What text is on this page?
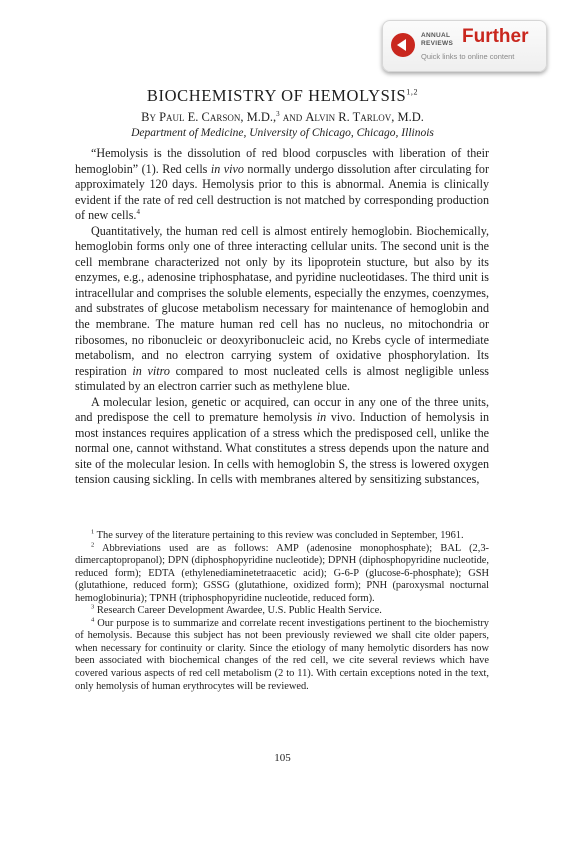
ANNUAL
REVIEWS Further
Quick links to online content
BIOCHEMISTRY OF HEMOLYSIS$^{1,2}$
By Paul E. Carson, M.D.,$^3$ and Alvin R. Tarlov, M.D.
Department of Medicine, University of Chicago, Chicago, Illinois

“Hemolysis is the dissolution of red blood corpuscles with liberation of their hemoglobin” (1). Red cells in vivo normally undergo dissolution after circulating for approximately 120 days. Hemolysis prior to this is abnormal. Anemia is clinically evident if the rate of red cell destruction is not matched by corresponding production of new cells.$^4$

Quantitatively, the human red cell is almost entirely hemoglobin. Biochemically, hemoglobin forms only one of three interacting cellular units. The second unit is the cell membrane characterized not only by its lipoprotein stucture, but also by its enzymes, e.g., adenosine triphosphatase, and pyridine nucleotidases. The third unit is intracellular and comprises the soluble elements, especially the enzymes, coenzymes, and substrates of glucose metabolism necessary for maintenance of hemoglobin and the membrane. The mature human red cell has no nucleus, no mitochondria or ribosomes, no ribonucleic or deoxyribonucleic acid, no Krebs cycle of intermediate metabolism, and no electron carrying system of oxidative phosphorylation. Its respiration in vitro compared to most nucleated cells is almost negligible unless stimulated by an electron carrier such as methylene blue.

A molecular lesion, genetic or acquired, can occur in any one of the three units, and predispose the cell to premature hemolysis in vivo. Induction of hemolysis in most instances requires application of a stress which the predisposed cell, unlike the normal one, cannot withstand. What constitutes a stress depends upon the nature and site of the molecular lesion. In cells with hemoglobin S, the stress is lowered oxygen tension causing sickling. In cells with membranes altered by sensitizing substances,

$^1$ The survey of the literature pertaining to this review was concluded in September, 1961.

$^2$ Abbreviations used are as follows: AMP (adenosine monophosphate); BAL (2,3-dimercaptopropanol); DPN (diphosphopyridine nucleotide); DPNH (diphosphopyridine nucleotide, reduced form); EDTA (ethylenediaminetetraacetic acid); G-6-P (glucose-6-phosphate); GSH (glutathione, reduced form); GSSG (glutathione, oxidized form); PNH (paroxysmal nocturnal hemoglobinuria); TPNH (triphosphopyridine nucleotide, reduced form).

$^3$ Research Career Development Awardee, U.S. Public Health Service.

$^4$ Our purpose is to summarize and correlate recent investigations pertinent to the biochemistry of hemolysis. Because this subject has not been previously reviewed we shall cite older papers, when necessary for continuity or clarity. Since the etiology of many hemolytic disorders has now been associated with biochemical changes of the red cell, we cite several reviews which have covered various aspects of red cell metabolism (2 to 11). With certain exceptions noted in the text, only hemolysis of human erythrocytes will be reviewed.

105
